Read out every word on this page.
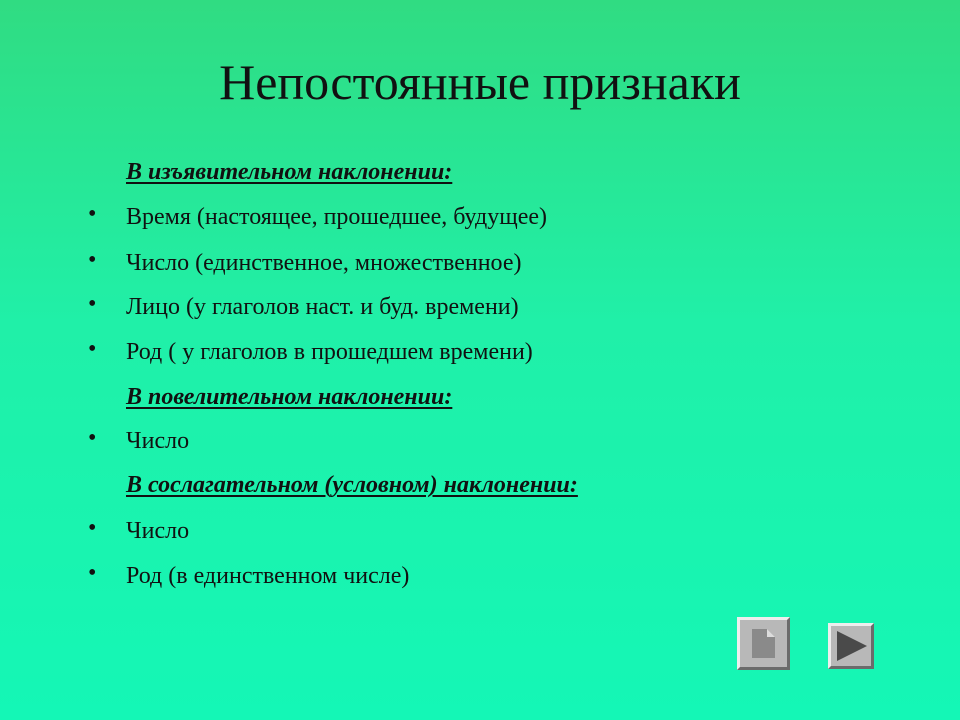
Непостоянные признаки
В изъявительном наклонении:
•	Время (настоящее, прошедшее, будущее)
•	Число (единственное, множественное)
•	Лицо (у глаголов наст. и буд. времени)
•	Род ( у глаголов в прошедшем времени)
В повелительном наклонении:
•	Число
В сослагательном (условном) наклонении:
•	Число
•	Род (в единственном числе)
